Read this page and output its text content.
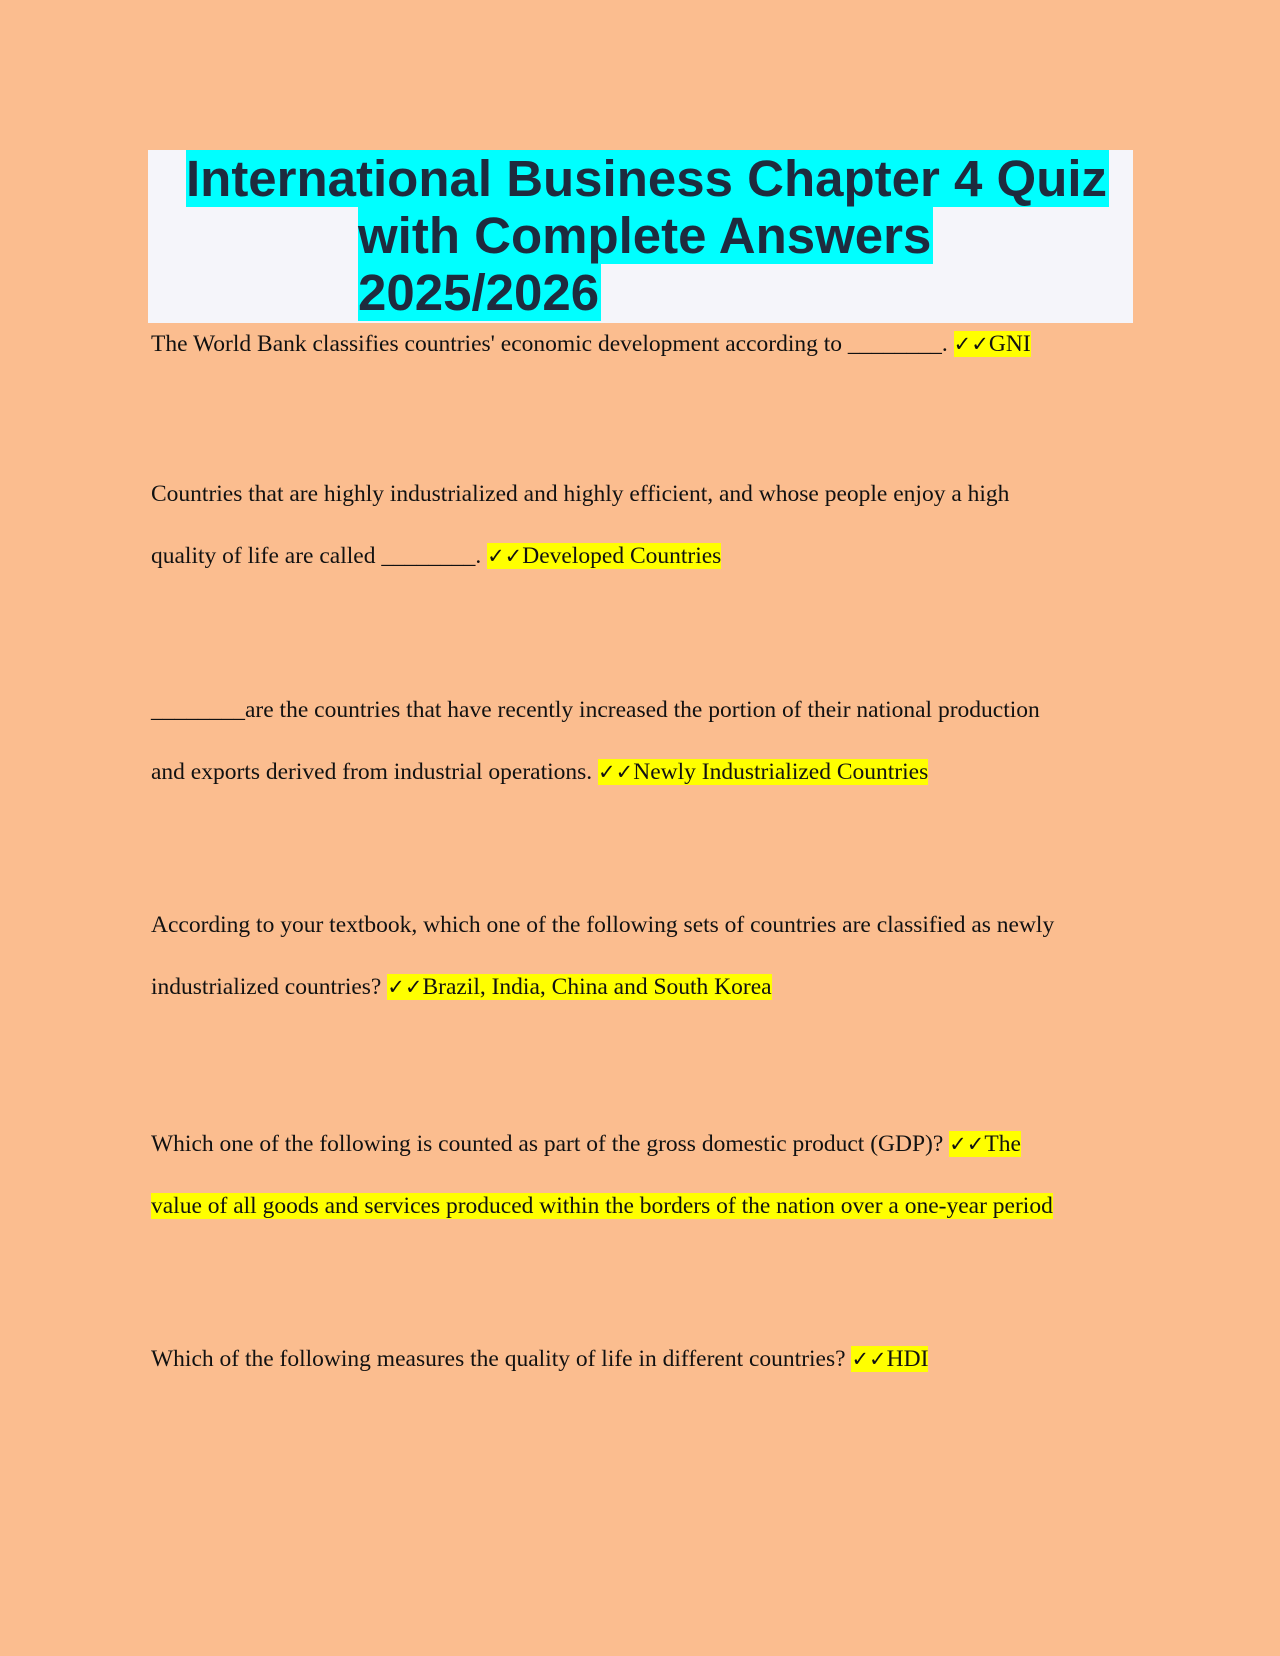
International Business Chapter 4 Quiz
with Complete Answers
2025/2026

The World Bank classifies countries' economic development according to ________. ✓✓GNI

Countries that are highly industrialized and highly efficient, and whose people enjoy a high
quality of life are called ________. ✓✓Developed Countries

________are the countries that have recently increased the portion of their national production
and exports derived from industrial operations. ✓✓Newly Industrialized Countries

According to your textbook, which one of the following sets of countries are classified as newly
industrialized countries? ✓✓Brazil, India, China and South Korea

Which one of the following is counted as part of the gross domestic product (GDP)? ✓✓The
value of all goods and services produced within the borders of the nation over a one-year period

Which of the following measures the quality of life in different countries? ✓✓HDI
